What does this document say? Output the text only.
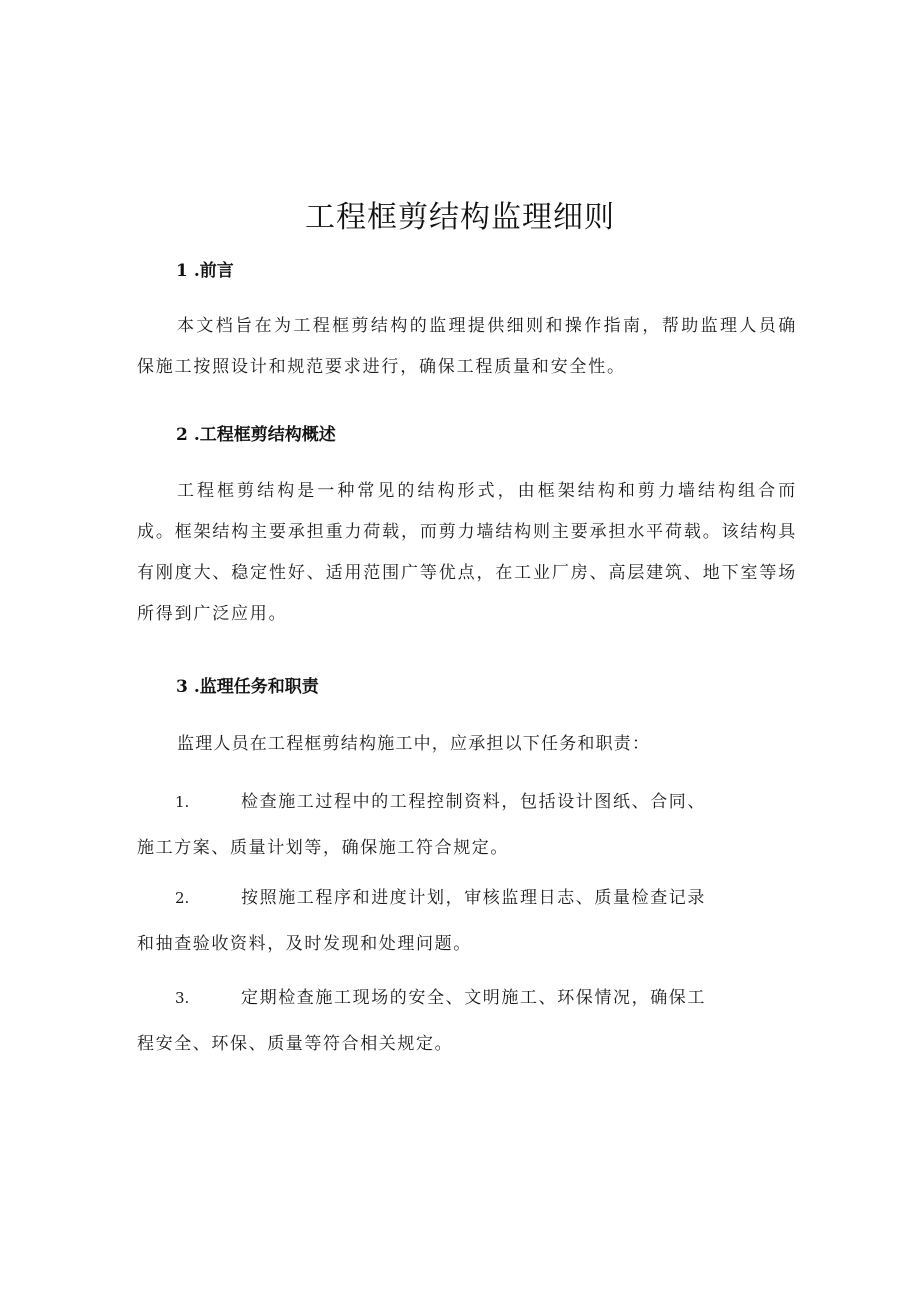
工程框剪结构监理细则
1 .前言
本文档旨在为工程框剪结构的监理提供细则和操作指南，帮助监理人员确保施工按照设计和规范要求进行，确保工程质量和安全性。
2 .工程框剪结构概述
工程框剪结构是一种常见的结构形式，由框架结构和剪力墙结构组合而成。框架结构主要承担重力荷载，而剪力墙结构则主要承担水平荷载。该结构具有刚度大、稳定性好、适用范围广等优点，在工业厂房、高层建筑、地下室等场所得到广泛应用。
3 .监理任务和职责
监理人员在工程框剪结构施工中，应承担以下任务和职责：
1.	检查施工过程中的工程控制资料，包括设计图纸、合同、
施工方案、质量计划等，确保施工符合规定。
2.	按照施工程序和进度计划，审核监理日志、质量检查记录
和抽查验收资料，及时发现和处理问题。
3.	定期检查施工现场的安全、文明施工、环保情况，确保工
程安全、环保、质量等符合相关规定。
